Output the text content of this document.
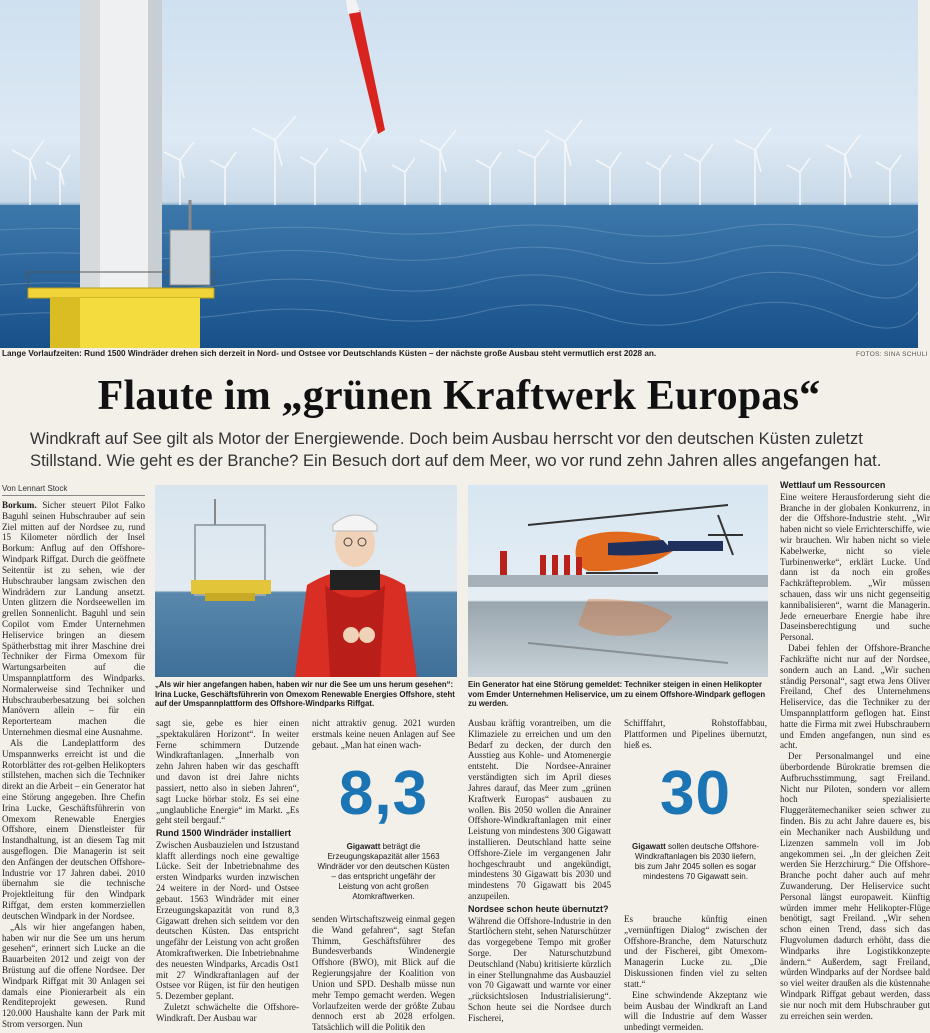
Lange Vorlaufzeiten: Rund 1500 Windräder drehen sich derzeit in Nord- und Ostsee vor Deutschlands Küsten – der nächste große Ausbau steht vermutlich erst 2028 an.	FOTOS: SINA SCHULI
Flaute im „grünen Kraftwerk Europas“
Windkraft auf See gilt als Motor der Energiewende. Doch beim Ausbau herrscht vor den deutschen Küsten zuletzt Stillstand. Wie geht es der Branche? Ein Besuch dort auf dem Meer, wo vor rund zehn Jahren alles angefangen hat.
Von Lennart Stock

Borkum. Sicher steuert Pilot Falko Baguhl seinen Hubschrauber auf sein Ziel mitten auf der Nordsee zu, rund 15 Kilometer nördlich der Insel Borkum: Anflug auf den Offshore-Windpark Riffgat. Durch die geöffnete Seitentür ist zu sehen, wie der Hubschrauber langsam zwischen den Windrädern zur Landung ansetzt. Unten glitzern die Nordseewellen im grellen Sonnenlicht. Baguhl und sein Copilot vom Emder Unternehmen Heliservice bringen an diesem Spätherbsttag mit ihrer Maschine drei Techniker der Firma Omexom für Wartungsarbeiten auf die Umspannplattform des Windparks. Normalerweise sind Techniker und Hubschrauberbesatzung bei solchen Manövern allein – für ein Reporterteam machen die Unternehmen diesmal eine Ausnahme.

Als die Landeplattform des Umspannwerks erreicht ist und die Rotorblätter des rot-gelben Helikopters stillstehen, machen sich die Techniker direkt an die Arbeit – ein Generator hat eine Störung angegeben. Ihre Chefin Irina Lucke, Geschäftsführerin von Omexom Renewable Energies Offshore, einem Dienstleister für Instandhaltung, ist an diesem Tag mit ausgeflogen. Die Managerin ist seit den Anfängen der deutschen Offshore-Industrie vor 17 Jahren dabei. 2010 übernahm sie die technische Projektleitung für den Windpark Riffgat, dem ersten kommerziellen deutschen Windpark in der Nordsee.

„Als wir hier angefangen haben, haben wir nur die See um uns herum gesehen“, erinnert sich Lucke an die Bauarbeiten 2012 und zeigt von der Brüstung auf die offene Nordsee. Der Windpark Riffgat mit 30 Anlagen sei damals eine Pionierarbeit als ein Renditeprojekt gewesen. Rund 120.000 Haushalte kann der Park mit Strom versorgen. Nun

„Als wir hier angefangen haben, haben wir nur die See um uns herum gesehen“: Irina Lucke, Geschäftsführerin von Omexom Renewable Energies Offshore, steht auf der Umspannplattform des Offshore-Windparks Riffgat.
Ein Generator hat eine Störung gemeldet: Techniker steigen in einen Helikopter vom Emder Unternehmen Heliservice, um zu einem Offshore-Windpark geflogen zu werden.

sagt sie, gebe es hier einen „spektakulären Horizont“. In weiter Ferne schimmern Dutzende Windkraftanlagen. „Innerhalb von zehn Jahren haben wir das geschafft und davon ist drei Jahre nichts passiert, netto also in sieben Jahren“, sagt Lucke hörbar stolz. Es sei eine „unglaubliche Energie“ im Markt. „Es geht steil bergauf.“

Rund 1500 Windräder installiert

Zwischen Ausbauzielen und Istzustand klafft allerdings noch eine gewaltige Lücke. Seit der Inbetriebnahme des ersten Windparks wurden inzwischen 24 weitere in der Nord- und Ostsee gebaut. 1563 Windräder mit einer Erzeugungskapazität von rund 8,3 Gigawatt drehen sich seitdem vor den deutschen Küsten. Das entspricht ungefähr der Leistung von acht großen Atomkraftwerken. Die Inbetriebnahme des neuesten Windparks, Arcadis Ost1 mit 27 Windkraftanlagen auf der Ostsee vor Rügen, ist für den heutigen 5. Dezember geplant.

Zuletzt schwächelte die Offshore-Windkraft. Der Ausbau war

nicht attraktiv genug. 2021 wurden erstmals keine neuen Anlagen auf See gebaut. „Man hat einen wach-

8,3
Gigawatt beträgt die Erzeugungskapazität aller 1563 Windräder vor den deutschen Küsten – das entspricht ungefähr der Leistung von acht großen Atomkraftwerken.

senden Wirtschaftszweig einmal gegen die Wand gefahren“, sagt Stefan Thimm, Geschäftsführer des Bundesverbands Windenergie Offshore (BWO), mit Blick auf die Regierungsjahre der Koalition von Union und SPD. Deshalb müsse nun mehr Tempo gemacht werden. Wegen Vorlaufzeiten werde der größte Zubau dennoch erst ab 2028 erfolgen. Tatsächlich will die Politik den

Ausbau kräftig vorantreiben, um die Klimaziele zu erreichen und um den Bedarf zu decken, der durch den Ausstieg aus Kohle- und Atomenergie entsteht. Die Nordsee-Anrainer verständigten sich im April dieses Jahres darauf, das Meer zum „grünen Kraftwerk Europas“ ausbauen zu wollen. Bis 2050 wollen die Anrainer Offshore-Windkraftanlagen mit einer Leistung von mindestens 300 Gigawatt installieren. Deutschland hatte seine Offshore-Ziele im vergangenen Jahr hochgeschraubt und angekündigt, mindestens 30 Gigawatt bis 2030 und mindestens 70 Gigawatt bis 2045 anzupeilen.

Nordsee schon heute übernutzt?

Während die Offshore-Industrie in den Startlöchern steht, sehen Naturschützer das vorgegebene Tempo mit großer Sorge. Der Naturschutzbund Deutschland (Nabu) kritisierte kürzlich in einer Stellungnahme das Ausbauziel von 70 Gigawatt und warnte vor einer „rücksichtslosen Industrialisierung“. Schon heute sei die Nordsee durch Fischerei,

Schifffahrt, Rohstoffabbau, Plattformen und Pipelines übernutzt, hieß es.

30
Gigawatt sollen deutsche Offshore-Windkraftanlagen bis 2030 liefern, bis zum Jahr 2045 sollen es sogar mindestens 70 Gigawatt sein.

Es brauche künftig einen „vernünftigen Dialog“ zwischen der Offshore-Branche, dem Naturschutz und der Fischerei, gibt Omexom-Managerin Lucke zu. „Die Diskussionen finden viel zu selten statt.“

Eine schwindende Akzeptanz wie beim Ausbau der Windkraft an Land will die Industrie auf dem Wasser unbedingt vermeiden.

Wettlauf um Ressourcen

Eine weitere Herausforderung sieht die Branche in der globalen Konkurrenz, in der die Offshore-Industrie steht. „Wir haben nicht so viele Errichterschiffe, wie wir brauchen. Wir haben nicht so viele Kabelwerke, nicht so viele Turbinenwerke“, erklärt Lucke. Und dann ist da noch ein großes Fachkräfteproblem. „Wir müssen schauen, dass wir uns nicht gegenseitig kannibalisieren“, warnt die Managerin. Jede erneuerbare Energie habe ihre Daseinsberechtigung und suche Personal.

Dabei fehlen der Offshore-Branche Fachkräfte nicht nur auf der Nordsee, sondern auch an Land. „Wir suchen ständig Personal“, sagt etwa Jens Oliver Freiland, Chef des Unternehmens Heliservice, das die Techniker zu der Umspannplattform geflogen hat. Einst hatte die Firma mit zwei Hubschraubern und Emden angefangen, nun sind es acht.

Der Personalmangel und eine überbordende Bürokratie bremsen die Aufbruchsstimmung, sagt Freiland. Nicht nur Piloten, sondern vor allem hoch spezialisierte Fluggerätemechaniker seien schwer zu finden. Bis zu acht Jahre dauere es, bis ein Mechaniker nach Ausbildung und Lizenzen sammeln voll im Job angekommen sei. „In der gleichen Zeit werden Sie Herzchirurg.“ Die Offshore-Branche pocht daher auch auf mehr Zuwanderung. Der Heliservice sucht Personal längst europaweit. Künftig würden immer mehr Helikopter-Flüge benötigt, sagt Freiland. „Wir sehen schon einen Trend, dass sich das Flugvolumen dadurch erhöht, dass die Windparks ihre Logistikkonzepte ändern.“ Außerdem, sagt Freiland, würden Windparks auf der Nordsee bald so viel weiter draußen als die küstennahe Windpark Riffgat gebaut werden, dass sie nur noch mit dem Hubschrauber gut zu erreichen sein werden.
